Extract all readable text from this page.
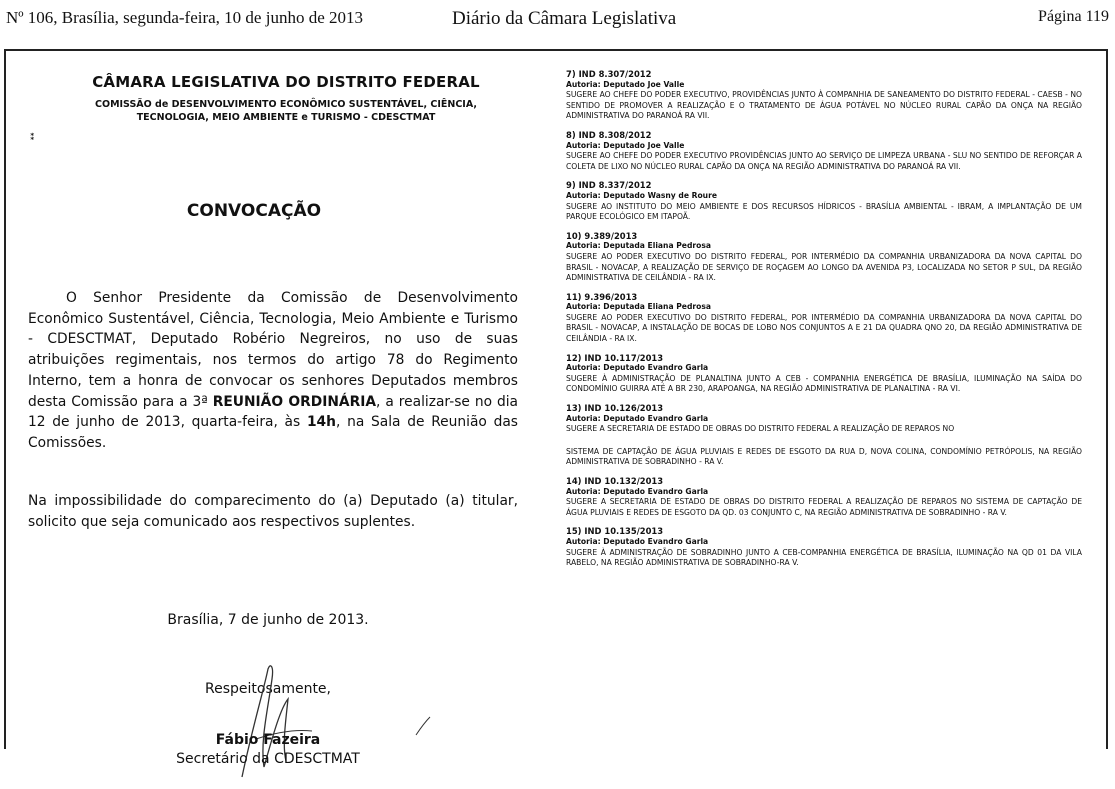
Nº 106, Brasília, segunda-feira, 10 de junho de 2013	Diário da Câmara Legislativa	Página 119
CÂMARA LEGISLATIVA DO DISTRITO FEDERAL
COMISSÃO de DESENVOLVIMENTO ECONÔMICO SUSTENTÁVEL, CIÊNCIA,
TECNOLOGIA, MEIO AMBIENTE e TURISMO - CDESCTMAT
⁑
CONVOCAÇÃO

O Senhor Presidente da Comissão de Desenvolvimento Econômico Sustentável, Ciência, Tecnologia, Meio Ambiente e Turismo - CDESCTMAT, Deputado Robério Negreiros, no uso de suas atribuições regimentais, nos termos do artigo 78 do Regimento Interno, tem a honra de convocar os senhores Deputados membros desta Comissão para a 3ª REUNIÃO ORDINÁRIA, a realizar-se no dia 12 de junho de 2013, quarta-feira, às 14h, na Sala de Reunião das Comissões.

Na impossibilidade do comparecimento do (a) Deputado (a) titular, solicito que seja comunicado aos respectivos suplentes.

Brasília, 7 de junho de 2013.
Respeitosamente,
Fábio Fazeira
Secretário da CDESCTMAT
7) IND 8.307/2012
Autoria: Deputado Joe Valle
SUGERE AO CHEFE DO PODER EXECUTIVO, PROVIDÊNCIAS JUNTO À COMPANHIA DE SANEAMENTO DO DISTRITO FEDERAL - CAESB - NO SENTIDO DE PROMOVER A REALIZAÇÃO E O TRATAMENTO DE ÁGUA POTÁVEL NO NÚCLEO RURAL CAPÃO DA ONÇA NA REGIÃO ADMINISTRATIVA DO PARANOÁ RA VII.
8) IND 8.308/2012
Autoria: Deputado Joe Valle
SUGERE AO CHEFE DO PODER EXECUTIVO PROVIDÊNCIAS JUNTO AO SERVIÇO DE LIMPEZA URBANA - SLU NO SENTIDO DE REFORÇAR A COLETA DE LIXO NO NÚCLEO RURAL CAPÃO DA ONÇA NA REGIÃO ADMINISTRATIVA DO PARANOÁ RA VII.
9) IND 8.337/2012
Autoria: Deputado Wasny de Roure
SUGERE AO INSTITUTO DO MEIO AMBIENTE E DOS RECURSOS HÍDRICOS - BRASÍLIA AMBIENTAL - IBRAM, A IMPLANTAÇÃO DE UM PARQUE ECOLÓGICO EM ITAPOÃ.
10) 9.389/2013
Autoria: Deputada Eliana Pedrosa
SUGERE AO PODER EXECUTIVO DO DISTRITO FEDERAL, POR INTERMÉDIO DA COMPANHIA URBANIZADORA DA NOVA CAPITAL DO BRASIL - NOVACAP, A REALIZAÇÃO DE SERVIÇO DE ROÇAGEM AO LONGO DA AVENIDA P3, LOCALIZADA NO SETOR P SUL, DA REGIÃO ADMINISTRATIVA DE CEILÂNDIA - RA IX.
11) 9.396/2013
Autoria: Deputada Eliana Pedrosa
SUGERE AO PODER EXECUTIVO DO DISTRITO FEDERAL, POR INTERMÉDIO DA COMPANHIA URBANIZADORA DA NOVA CAPITAL DO BRASIL - NOVACAP, A INSTALAÇÃO DE BOCAS DE LOBO NOS CONJUNTOS A E 21 DA QUADRA QNO 20, DA REGIÃO ADMINISTRATIVA DE CEILÂNDIA - RA IX.
12) IND 10.117/2013
Autoria: Deputado Evandro Garla
SUGERE À ADMINISTRAÇÃO DE PLANALTINA JUNTO A CEB - COMPANHIA ENERGÉTICA DE BRASÍLIA, ILUMINAÇÃO NA SAÍDA DO CONDOMÍNIO GUIRRA ATÉ A BR 230, ARAPOANGA, NA REGIÃO ADMINISTRATIVA DE PLANALTINA - RA VI.
13) IND 10.126/2013
Autoria: Deputado Evandro Garla
SUGERE A SECRETARIA DE ESTADO DE OBRAS DO DISTRITO FEDERAL A REALIZAÇÃO DE REPAROS NO
SISTEMA DE CAPTAÇÃO DE ÁGUA PLUVIAIS E REDES DE ESGOTO DA RUA D, NOVA COLINA, CONDOMÍNIO PETRÓPOLIS, NA REGIÃO ADMINISTRATIVA DE SOBRADINHO - RA V.
14) IND 10.132/2013
Autoria: Deputado Evandro Garla
SUGERE A SECRETARIA DE ESTADO DE OBRAS DO DISTRITO FEDERAL A REALIZAÇÃO DE REPAROS NO SISTEMA DE CAPTAÇÃO DE ÁGUA PLUVIAIS E REDES DE ESGOTO DA QD. 03 CONJUNTO C, NA REGIÃO ADMINISTRATIVA DE SOBRADINHO - RA V.
15) IND 10.135/2013
Autoria: Deputado Evandro Garla
SUGERE À ADMINISTRAÇÃO DE SOBRADINHO JUNTO A CEB-COMPANHIA ENERGÉTICA DE BRASÍLIA, ILUMINAÇÃO NA QD 01 DA VILA RABELO, NA REGIÃO ADMINISTRATIVA DE SOBRADINHO-RA V.
